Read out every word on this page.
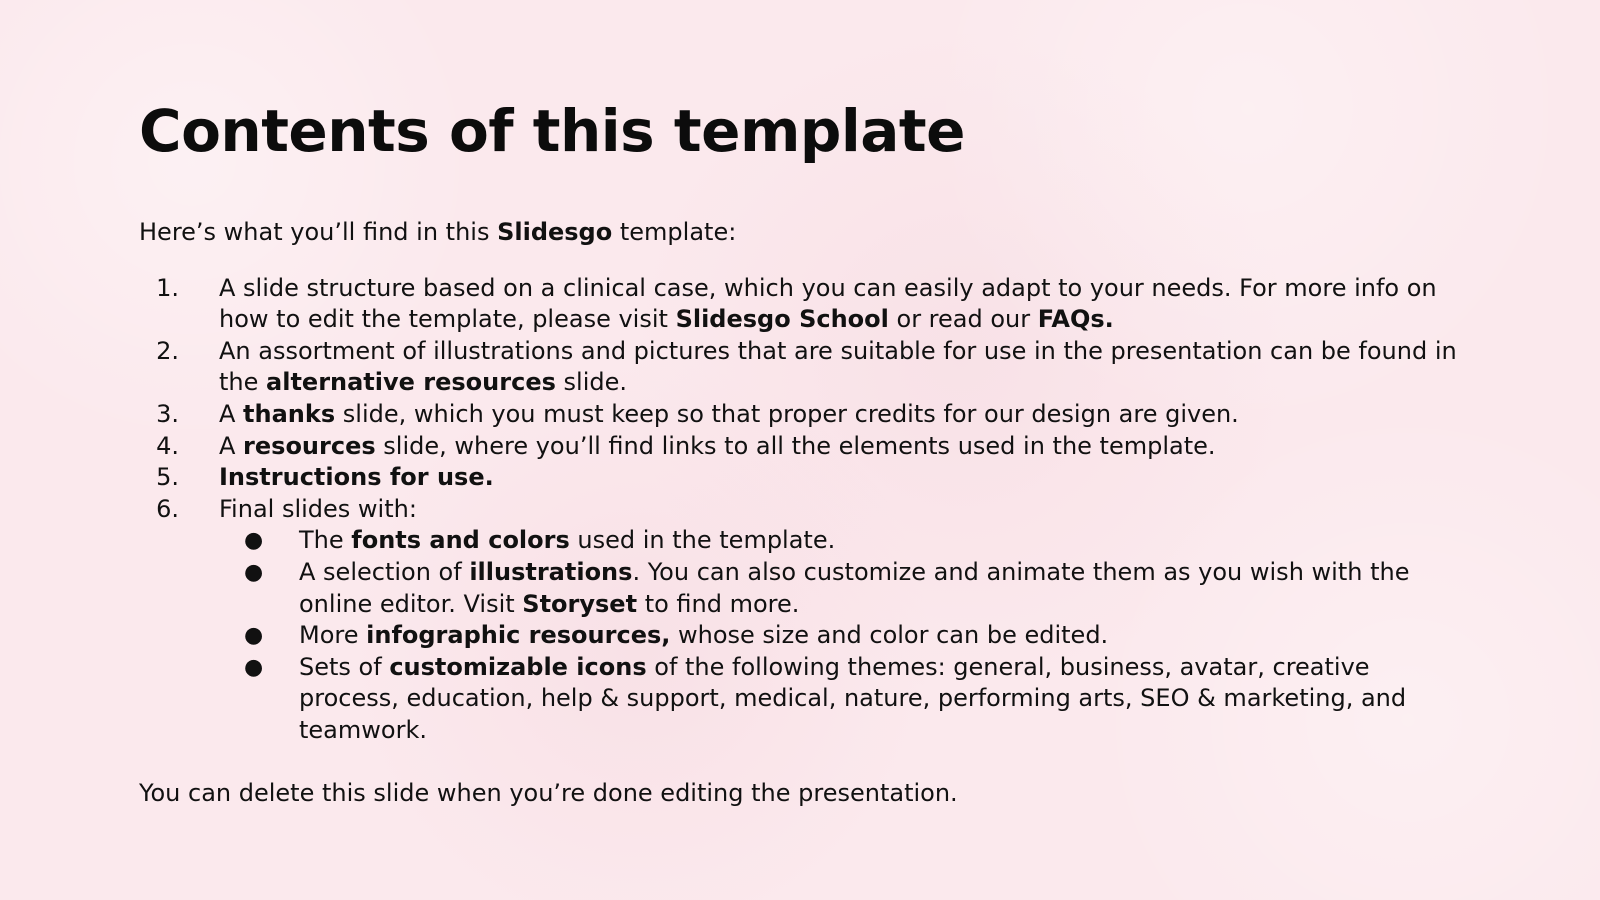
Contents of this template

Here’s what you’ll find in this Slidesgo template:

1. A slide structure based on a clinical case, which you can easily adapt to your needs. For more info on how to edit the template, please visit Slidesgo School or read our FAQs.
2. An assortment of illustrations and pictures that are suitable for use in the presentation can be found in the alternative resources slide.
3. A thanks slide, which you must keep so that proper credits for our design are given.
4. A resources slide, where you’ll find links to all the elements used in the template.
5. Instructions for use.
6. Final slides with:
● The fonts and colors used in the template.
● A selection of illustrations. You can also customize and animate them as you wish with the online editor. Visit Storyset to find more.
● More infographic resources, whose size and color can be edited.
● Sets of customizable icons of the following themes: general, business, avatar, creative process, education, help & support, medical, nature, performing arts, SEO & marketing, and teamwork.

You can delete this slide when you’re done editing the presentation.
